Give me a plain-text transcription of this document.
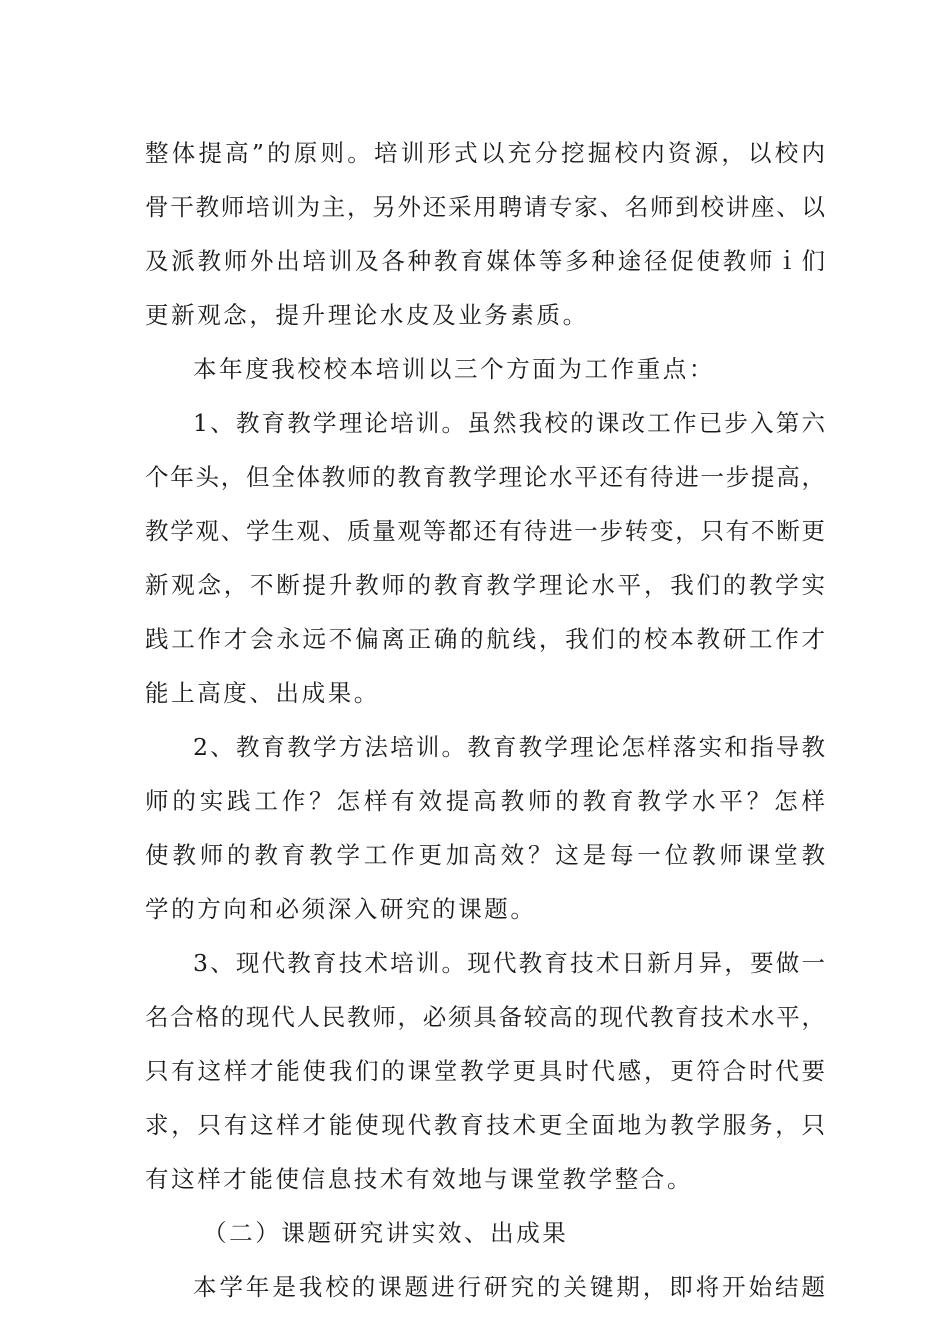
整体提高”的原则。培训形式以充分挖掘校内资源，以校内
骨干教师培训为主，另外还采用聘请专家、名师到校讲座、以
及派教师外出培训及各种教育媒体等多种途径促使教师ｉ们
更新观念，提升理论水皮及业务素质。
本年度我校校本培训以三个方面为工作重点：
1、教育教学理论培训。虽然我校的课改工作已步入第六
个年头，但全体教师的教育教学理论水平还有待进一步提高，
教学观、学生观、质量观等都还有待进一步转变，只有不断更
新观念，不断提升教师的教育教学理论水平，我们的教学实
践工作才会永远不偏离正确的航线，我们的校本教研工作才
能上高度、出成果。
2、教育教学方法培训。教育教学理论怎样落实和指导教
师的实践工作？怎样有效提高教师的教育教学水平？怎样
使教师的教育教学工作更加高效？这是每一位教师课堂教
学的方向和必须深入研究的课题。
3、现代教育技术培训。现代教育技术日新月异，要做一
名合格的现代人民教师，必须具备较高的现代教育技术水平，
只有这样才能使我们的课堂教学更具时代感，更符合时代要
求，只有这样才能使现代教育技术更全面地为教学服务，只
有这样才能使信息技术有效地与课堂教学整合。
（二）课题研究讲实效、出成果
本学年是我校的课题进行研究的关键期，即将开始结题
